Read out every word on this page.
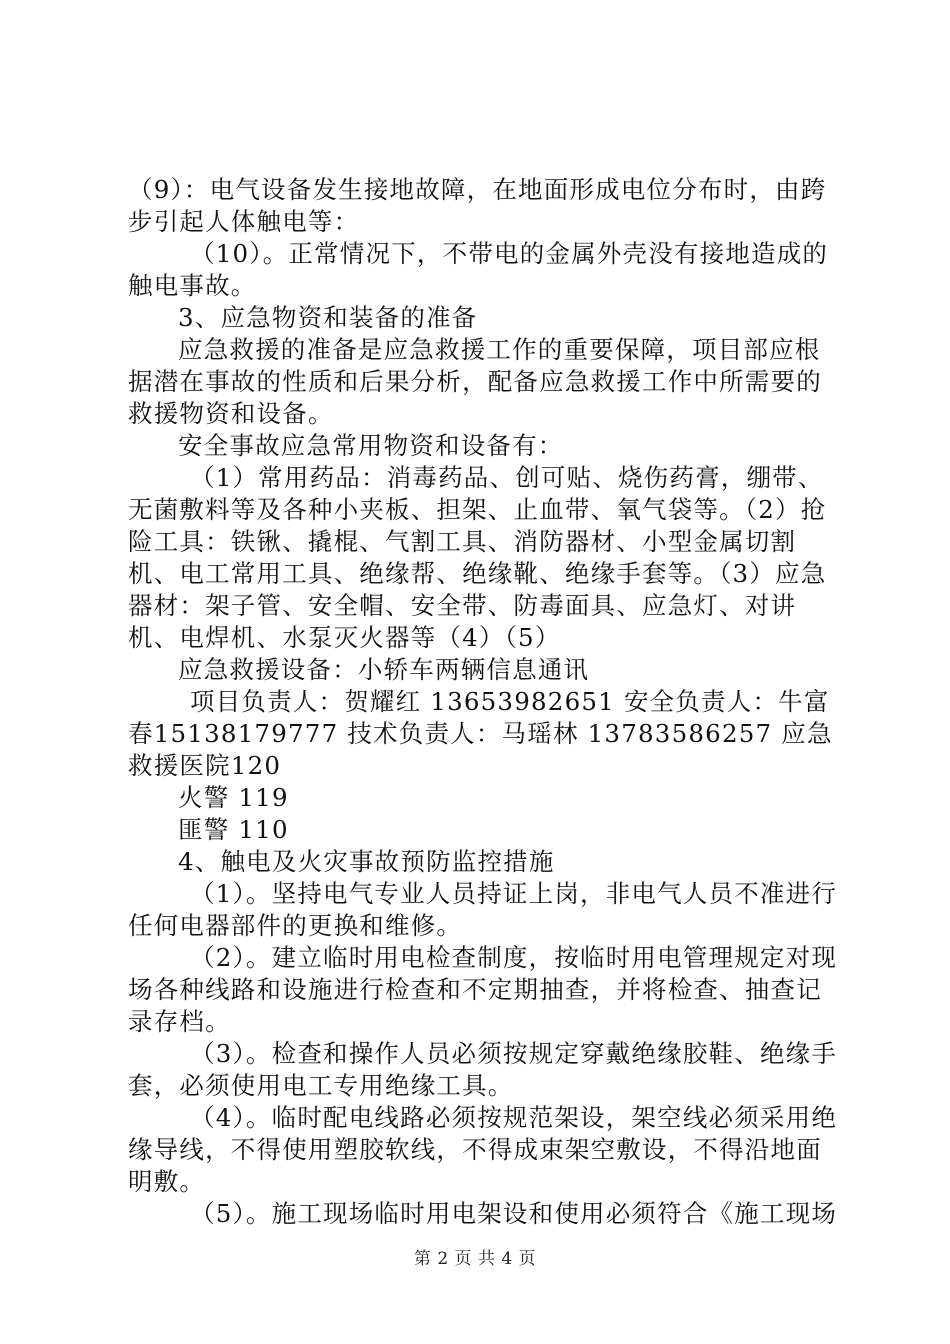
（9）：电气设备发生接地故障，在地面形成电位分布时，由跨步引起人体触电等：

（10）。正常情况下，不带电的金属外壳没有接地造成的触电事故。

3、应急物资和装备的准备

应急救援的准备是应急救援工作的重要保障，项目部应根据潜在事故的性质和后果分析，配备应急救援工作中所需要的救援物资和设备。

安全事故应急常用物资和设备有：

（1）常用药品：消毒药品、创可贴、烧伤药膏，绷带、无菌敷料等及各种小夹板、担架、止血带、氧气袋等。（2）抢险工具：铁锹、撬棍、气割工具、消防器材、小型金属切割机、电工常用工具、绝缘帮、绝缘靴、绝缘手套等。（3）应急器材：架子管、安全帽、安全带、防毒面具、应急灯、对讲机、电焊机、水泵灭火器等（4）（5）

应急救援设备：小轿车两辆信息通讯

项目负责人：贺耀红 13653982651 安全负责人：牛富春15138179777 技术负责人：马瑶林 13783586257 应急救援医院120

火警 119

匪警 110

4、触电及火灾事故预防监控措施

（1）。坚持电气专业人员持证上岗，非电气人员不准进行任何电器部件的更换和维修。

（2）。建立临时用电检查制度，按临时用电管理规定对现场各种线路和设施进行检查和不定期抽查，并将检查、抽查记录存档。

（3）。检查和操作人员必须按规定穿戴绝缘胶鞋、绝缘手套，必须使用电工专用绝缘工具。

（4）。临时配电线路必须按规范架设，架空线必须采用绝缘导线，不得使用塑胶软线，不得成束架空敷设，不得沿地面明敷。

（5）。施工现场临时用电架设和使用必须符合《施工现场

第 2 页 共 4 页
